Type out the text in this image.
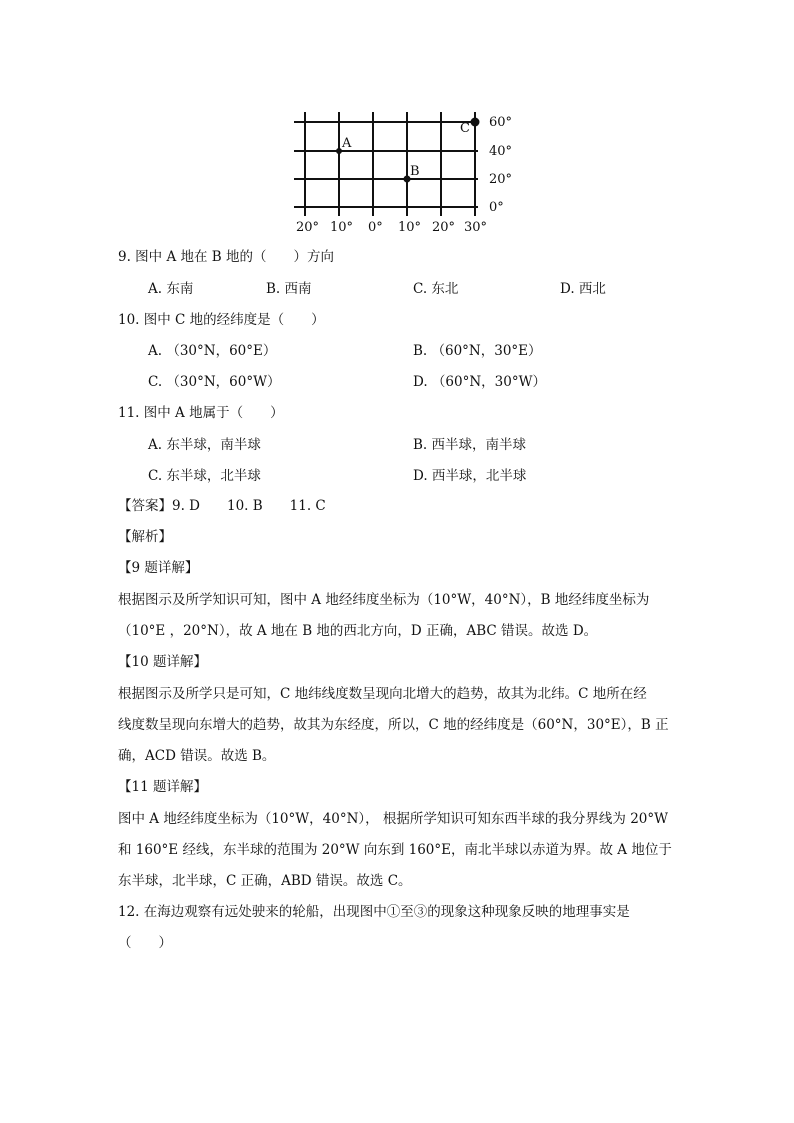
A
B
C 60°
40°
20°
0°
20° 10° 0° 10° 20° 30°
9. 图中 A 地在 B 地的（　　）方向
A. 东南	B. 西南	C. 东北	D. 西北
10. 图中 C 地的经纬度是（　　）
A. （30°N，60°E）	B. （60°N，30°E）
C. （30°N，60°W）	D. （60°N，30°W）
11. 图中 A 地属于（　　）
A. 东半球，南半球	B. 西半球，南半球
C. 东半球，北半球	D. 西半球，北半球
【答案】9. D　　10. B　　11. C
【解析】
【9 题详解】
根据图示及所学知识可知，图中 A 地经纬度坐标为（10°W，40°N），B 地经纬度坐标为
（10°E ，20°N），故 A 地在 B 地的西北方向，D 正确，ABC 错误。故选 D。
【10 题详解】
根据图示及所学只是可知，C 地纬线度数呈现向北增大的趋势，故其为北纬。C 地所在经
线度数呈现向东增大的趋势，故其为东经度，所以，C 地的经纬度是（60°N，30°E），B 正
确，ACD 错误。故选 B。
【11 题详解】
图中 A 地经纬度坐标为（10°W，40°N）， 根据所学知识可知东西半球的我分界线为 20°W
和 160°E 经线，东半球的范围为 20°W 向东到 160°E，南北半球以赤道为界。故 A 地位于
东半球，北半球，C 正确，ABD 错误。故选 C。
12. 在海边观察有远处驶来的轮船，出现图中①至③的现象这种现象反映的地理事实是
（　　）
